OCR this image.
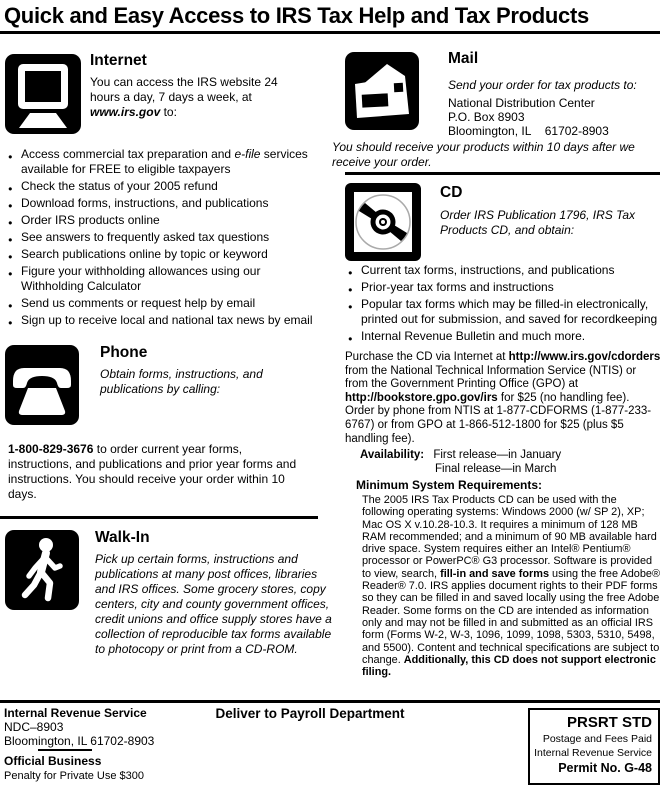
Quick and Easy Access to IRS Tax Help and Tax Products
Internet
You can access the IRS website 24 hours a day, 7 days a week, at www.irs.gov to:
● Access commercial tax preparation and e-file services available for FREE to eligible taxpayers
● Check the status of your 2005 refund
● Download forms, instructions, and publications
● Order IRS products online
● See answers to frequently asked tax questions
● Search publications online by topic or keyword
● Figure your withholding allowances using our Withholding Calculator
● Send us comments or request help by email
● Sign up to receive local and national tax news by email
Phone
Obtain forms, instructions, and publications by calling:
1-800-829-3676 to order current year forms, instructions, and publications and prior year forms and instructions. You should receive your order within 10 days.
Walk-In
Pick up certain forms, instructions and publications at many post offices, libraries and IRS offices. Some grocery stores, copy centers, city and county government offices, credit unions and office supply stores have a collection of reproducible tax forms available to photocopy or print from a CD-ROM.
Mail
Send your order for tax products to:
National Distribution Center
P.O. Box 8903
Bloomington, IL    61702-8903
You should receive your products within 10 days after we receive your order.
CD
Order IRS Publication 1796, IRS Tax Products CD, and obtain:
● Current tax forms, instructions, and publications
● Prior-year tax forms and instructions
● Popular tax forms which may be filled-in electronically, printed out for submission, and saved for recordkeeping
● Internal Revenue Bulletin and much more.
Purchase the CD via Internet at http://www.irs.gov/cdorders from the National Technical Information Service (NTIS) or from the Government Printing Office (GPO) at http://bookstore.gpo.gov/irs for $25 (no handling fee). Order by phone from NTIS at 1-877-CDFORMS (1-877-233-6767) or from GPO at 1-866-512-1800 for $25 (plus $5 handling fee).
Availability: First release—in January
Final release—in March
Minimum System Requirements:
The 2005 IRS Tax Products CD can be used with the following operating systems: Windows 2000 (w/ SP 2), XP; Mac OS X v.10.28-10.3. It requires a minimum of 128 MB RAM recommended; and a minimum of 90 MB available hard drive space. System requires either an Intel® Pentium® processor or PowerPC® G3 processor. Software is provided to view, search, fill-in and save forms using the free Adobe® Reader® 7.0. IRS applies document rights to their PDF forms so they can be filled in and saved locally using the free Adobe Reader. Some forms on the CD are intended as information only and may not be filled in and submitted as an official IRS form (Forms W-2, W-3, 1096, 1099, 1098, 5303, 5310, 5498, and 5500). Content and technical specifications are subject to change. Additionally, this CD does not support electronic filing.
Internal Revenue Service
NDC–8903
Bloomington, IL 61702-8903
Official Business
Penalty for Private Use $300
Deliver to Payroll Department
PRSRT STD
Postage and Fees Paid
Internal Revenue Service
Permit No. G-48
